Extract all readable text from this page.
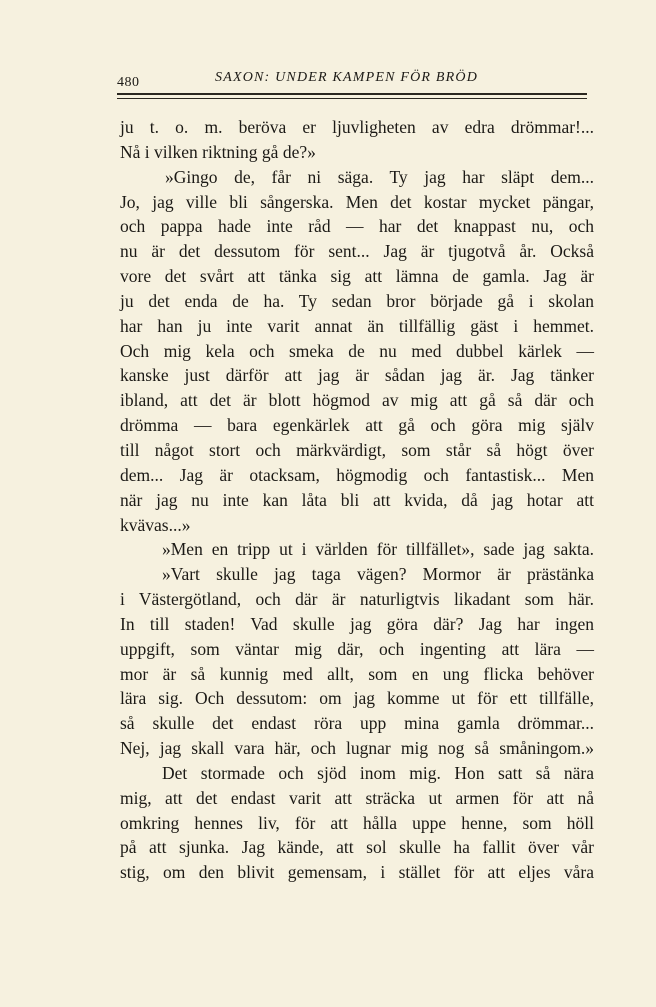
480	SAXON: UNDER KAMPEN FÖR BRÖD
ju t. o. m. beröva er ljuvligheten av edra drömmar!...
Nå i vilken riktning gå de?»
»Gingo de, får ni säga. Ty jag har släpt dem...
Jo, jag ville bli sångerska. Men det kostar mycket pängar,
och pappa hade inte råd — har det knappast nu, och
nu är det dessutom för sent... Jag är tjugotvå år. Också
vore det svårt att tänka sig att lämna de gamla. Jag är
ju det enda de ha. Ty sedan bror började gå i skolan
har han ju inte varit annat än tillfällig gäst i hemmet.
Och mig kela och smeka de nu med dubbel kärlek —
kanske just därför att jag är sådan jag är. Jag tänker
ibland, att det är blott högmod av mig att gå så där och
drömma — bara egenkärlek att gå och göra mig själv
till något stort och märkvärdigt, som står så högt över
dem... Jag är otacksam, högmodig och fantastisk... Men
när jag nu inte kan låta bli att kvida, då jag hotar att
kvävas...»
»Men en tripp ut i världen för tillfället», sade jag sakta.
»Vart skulle jag taga vägen? Mormor är prästänka
i Västergötland, och där är naturligtvis likadant som här.
In till staden! Vad skulle jag göra där? Jag har ingen
uppgift, som väntar mig där, och ingenting att lära —
mor är så kunnig med allt, som en ung flicka behöver
lära sig. Och dessutom: om jag komme ut för ett tillfälle,
så skulle det endast röra upp mina gamla drömmar...
Nej, jag skall vara här, och lugnar mig nog så småningom.»
Det stormade och sjöd inom mig. Hon satt så nära
mig, att det endast varit att sträcka ut armen för att nå
omkring hennes liv, för att hålla uppe henne, som höll
på att sjunka. Jag kände, att sol skulle ha fallit över vår
stig, om den blivit gemensam, i stället för att eljes våra
